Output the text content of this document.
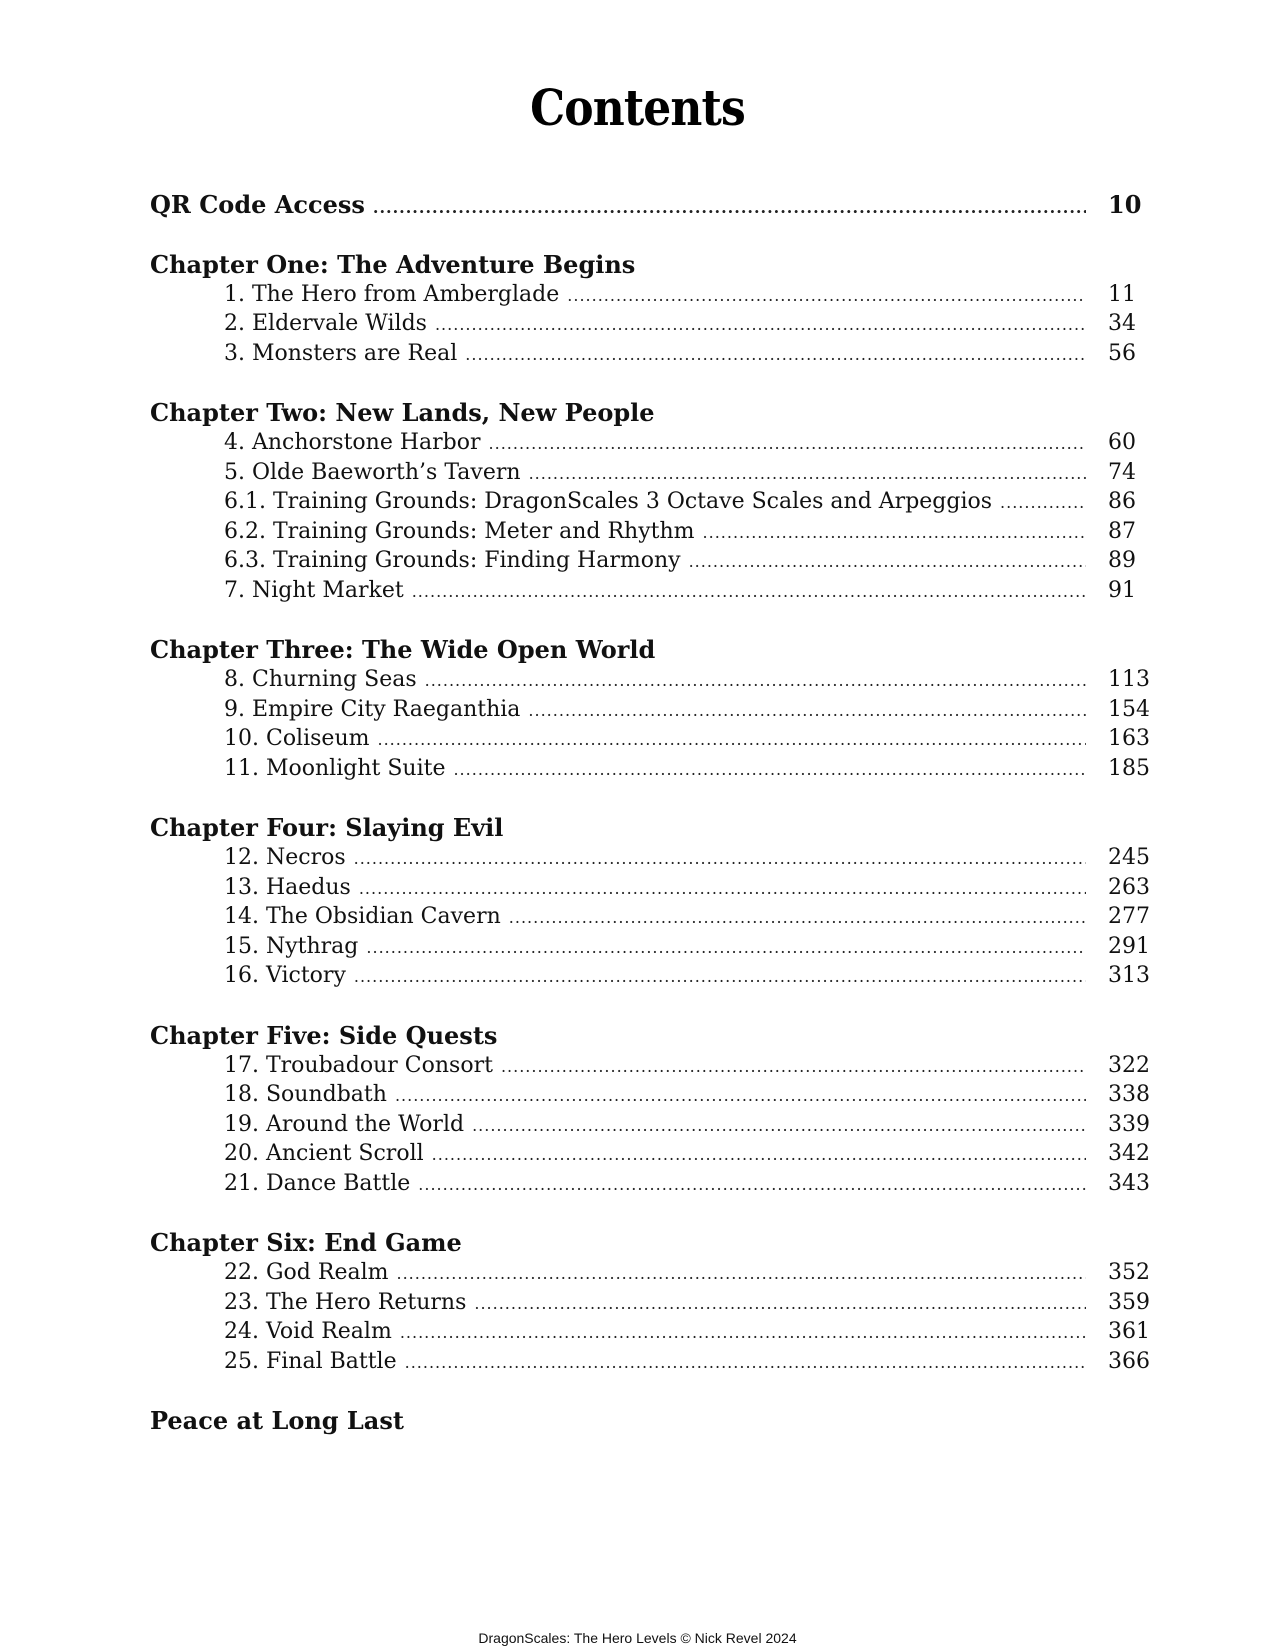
Contents
QR Code Access .....	10
Chapter One: The Adventure Begins
1. The Hero from Amberglade .....	11
2. Eldervale Wilds .....	34
3. Monsters are Real .....	56
Chapter Two: New Lands, New People
4. Anchorstone Harbor .....	60
5. Olde Baeworth’s Tavern .....	74
6.1. Training Grounds: DragonScales 3 Octave Scales and Arpeggios .....	86
6.2. Training Grounds: Meter and Rhythm .....	87
6.3. Training Grounds: Finding Harmony .....	89
7. Night Market .....	91
Chapter Three: The Wide Open World
8. Churning Seas .....	113
9. Empire City Raeganthia .....	154
10. Coliseum .....	163
11. Moonlight Suite .....	185
Chapter Four: Slaying Evil
12. Necros .....	245
13. Haedus .....	263
14. The Obsidian Cavern .....	277
15. Nythrag .....	291
16. Victory .....	313
Chapter Five: Side Quests
17. Troubadour Consort .....	322
18. Soundbath .....	338
19. Around the World .....	339
20. Ancient Scroll .....	342
21. Dance Battle .....	343
Chapter Six: End Game
22. God Realm .....	352
23. The Hero Returns .....	359
24. Void Realm .....	361
25. Final Battle .....	366
Peace at Long Last
DragonScales: The Hero Levels © Nick Revel 2024
